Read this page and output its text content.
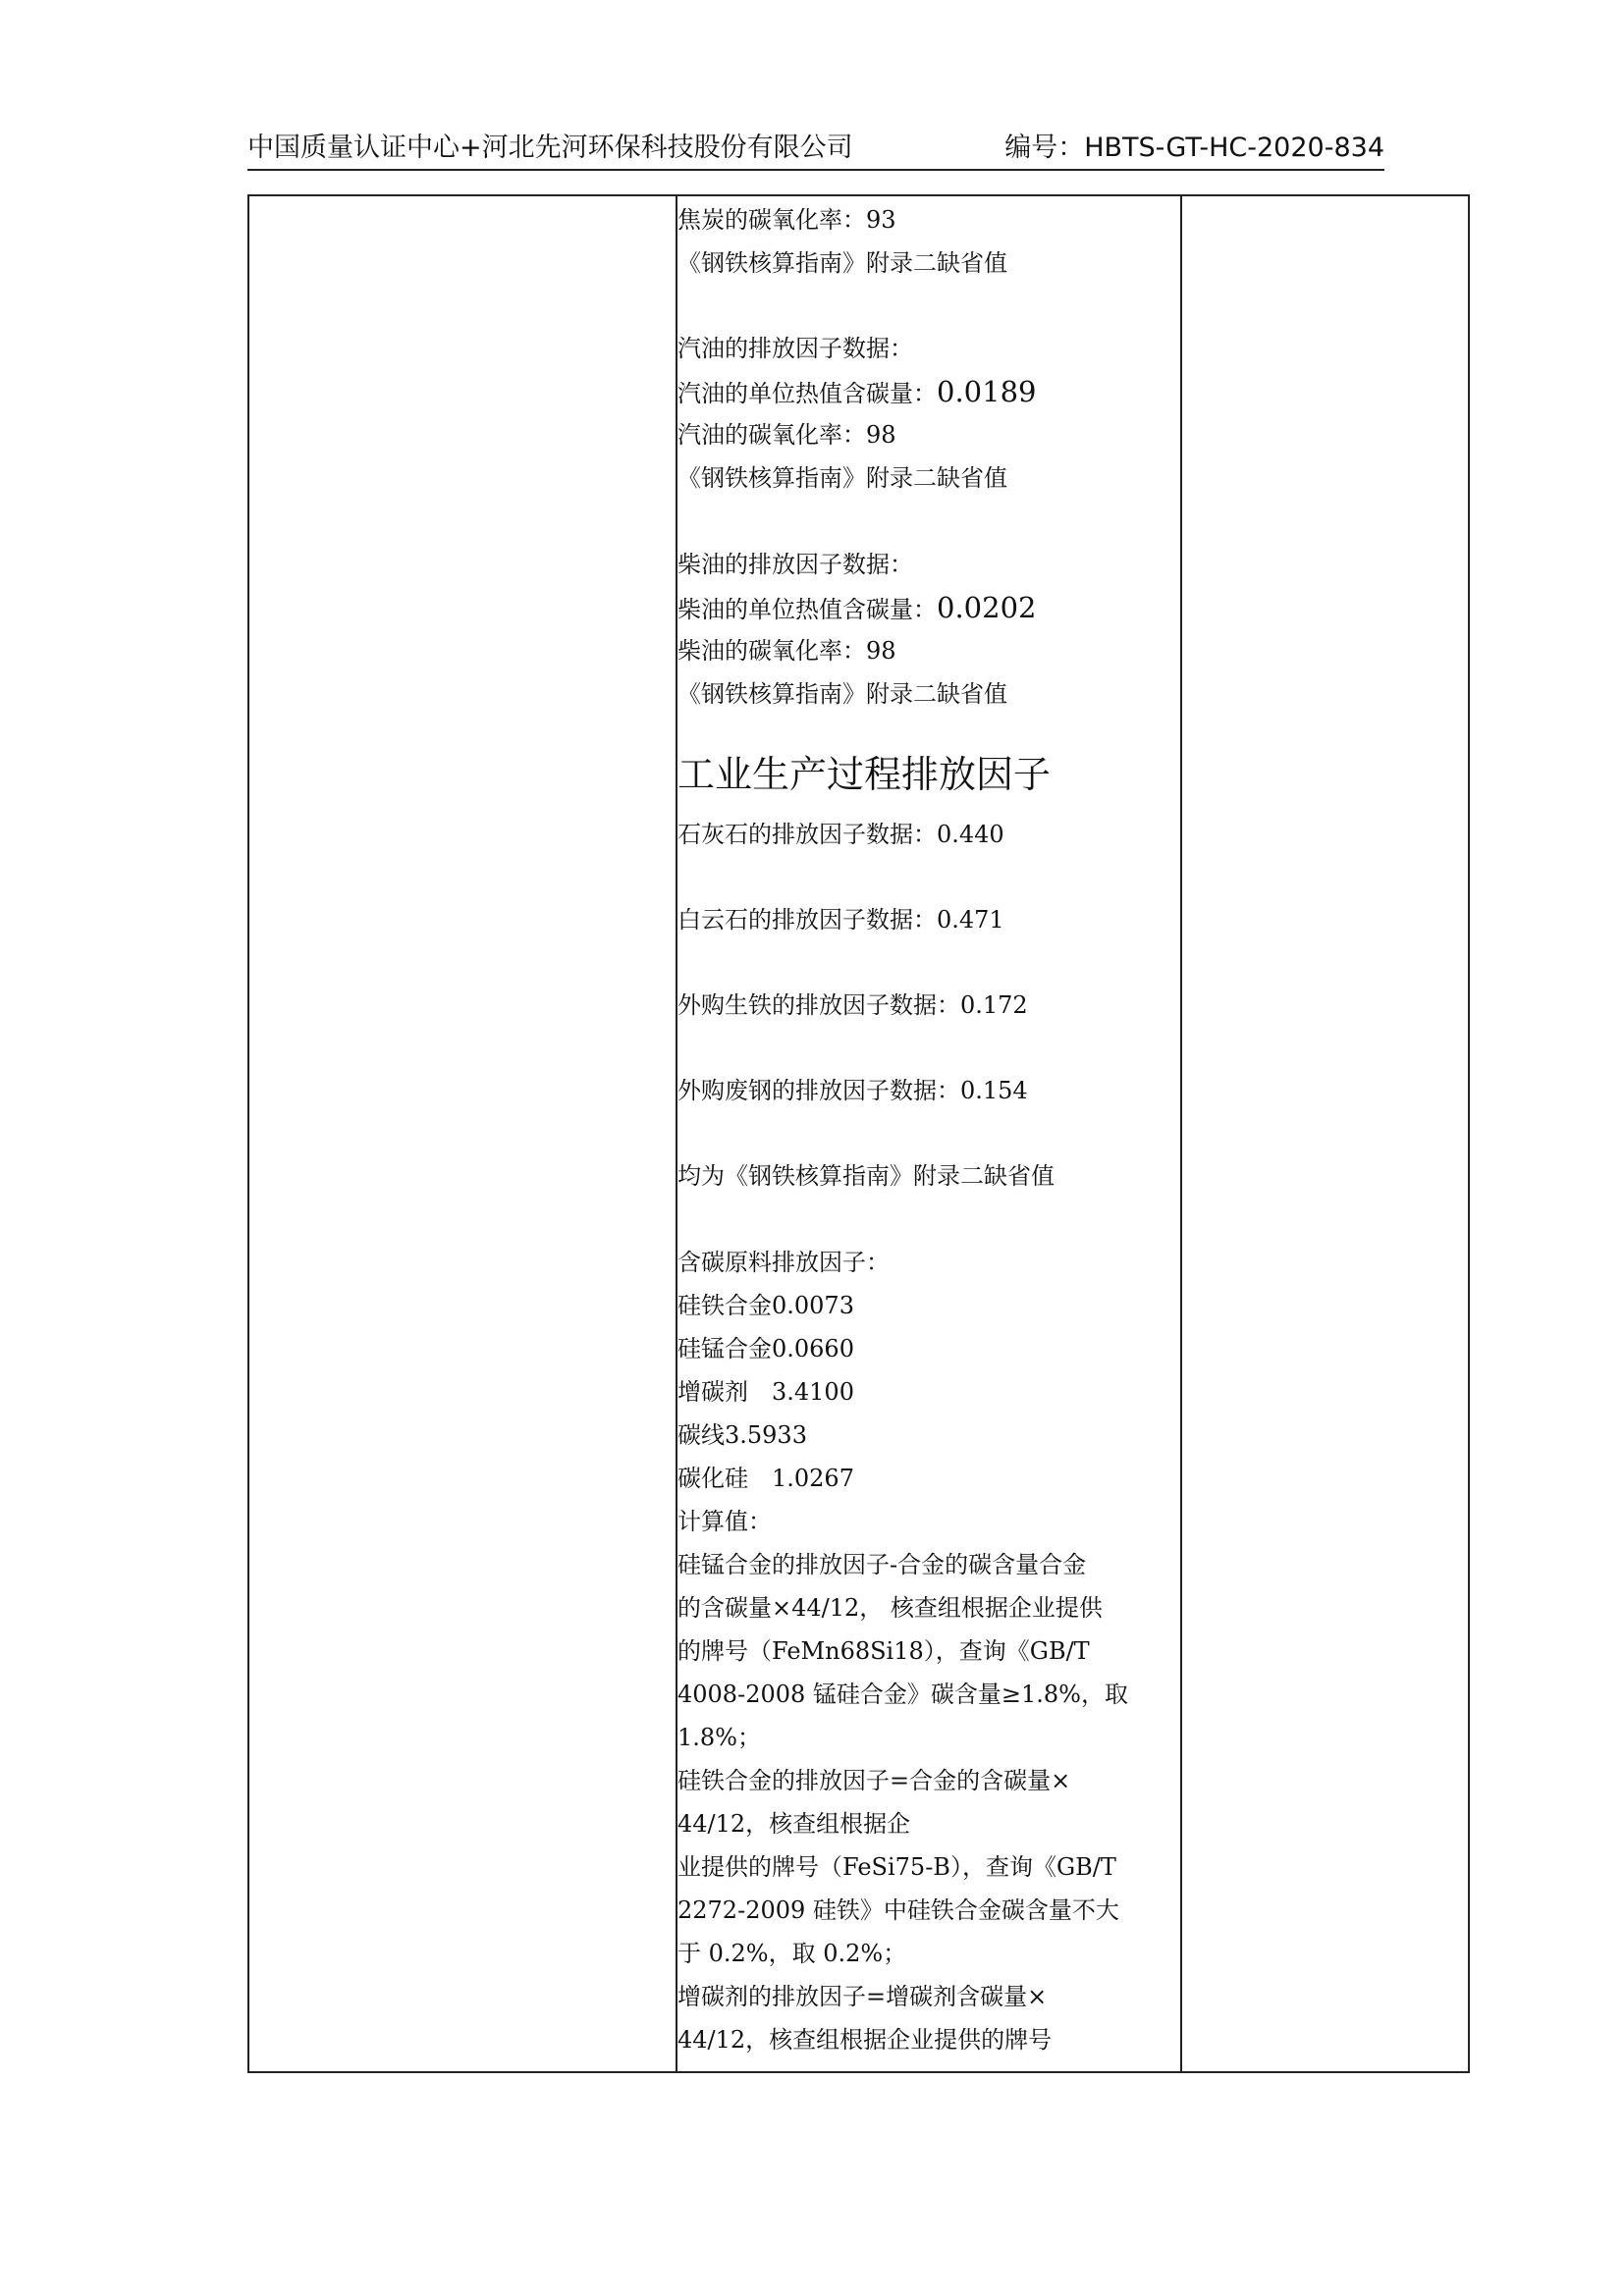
中国质量认证中心+河北先河环保科技股份有限公司	编号：HBTS-GT-HC-2020-834
焦炭的碳氧化率：93
《钢铁核算指南》附录二缺省值
汽油的排放因子数据：
汽油的单位热值含碳量：0.0189
汽油的碳氧化率：98
《钢铁核算指南》附录二缺省值
柴油的排放因子数据：
柴油的单位热值含碳量：0.0202
柴油的碳氧化率：98
《钢铁核算指南》附录二缺省值
工业生产过程排放因子
石灰石的排放因子数据：0.440
白云石的排放因子数据：0.471
外购生铁的排放因子数据：0.172
外购废钢的排放因子数据：0.154
均为《钢铁核算指南》附录二缺省值
含碳原料排放因子：
硅铁合金0.0073
硅锰合金0.0660
增碳剂　3.4100
碳线3.5933
碳化硅　1.0267
计算值：
硅锰合金的排放因子-合金的碳含量合金
的含碳量×44/12， 核查组根据企业提供
的牌号（FeMn68Si18），查询《GB/T
4008-2008 锰硅合金》碳含量≥1.8%，取
1.8%；
硅铁合金的排放因子=合金的含碳量×
44/12，核查组根据企
业提供的牌号（FeSi75-B），查询《GB/T
2272-2009 硅铁》中硅铁合金碳含量不大
于 0.2%，取 0.2%；
增碳剂的排放因子=增碳剂含碳量×
44/12，核查组根据企业提供的牌号
